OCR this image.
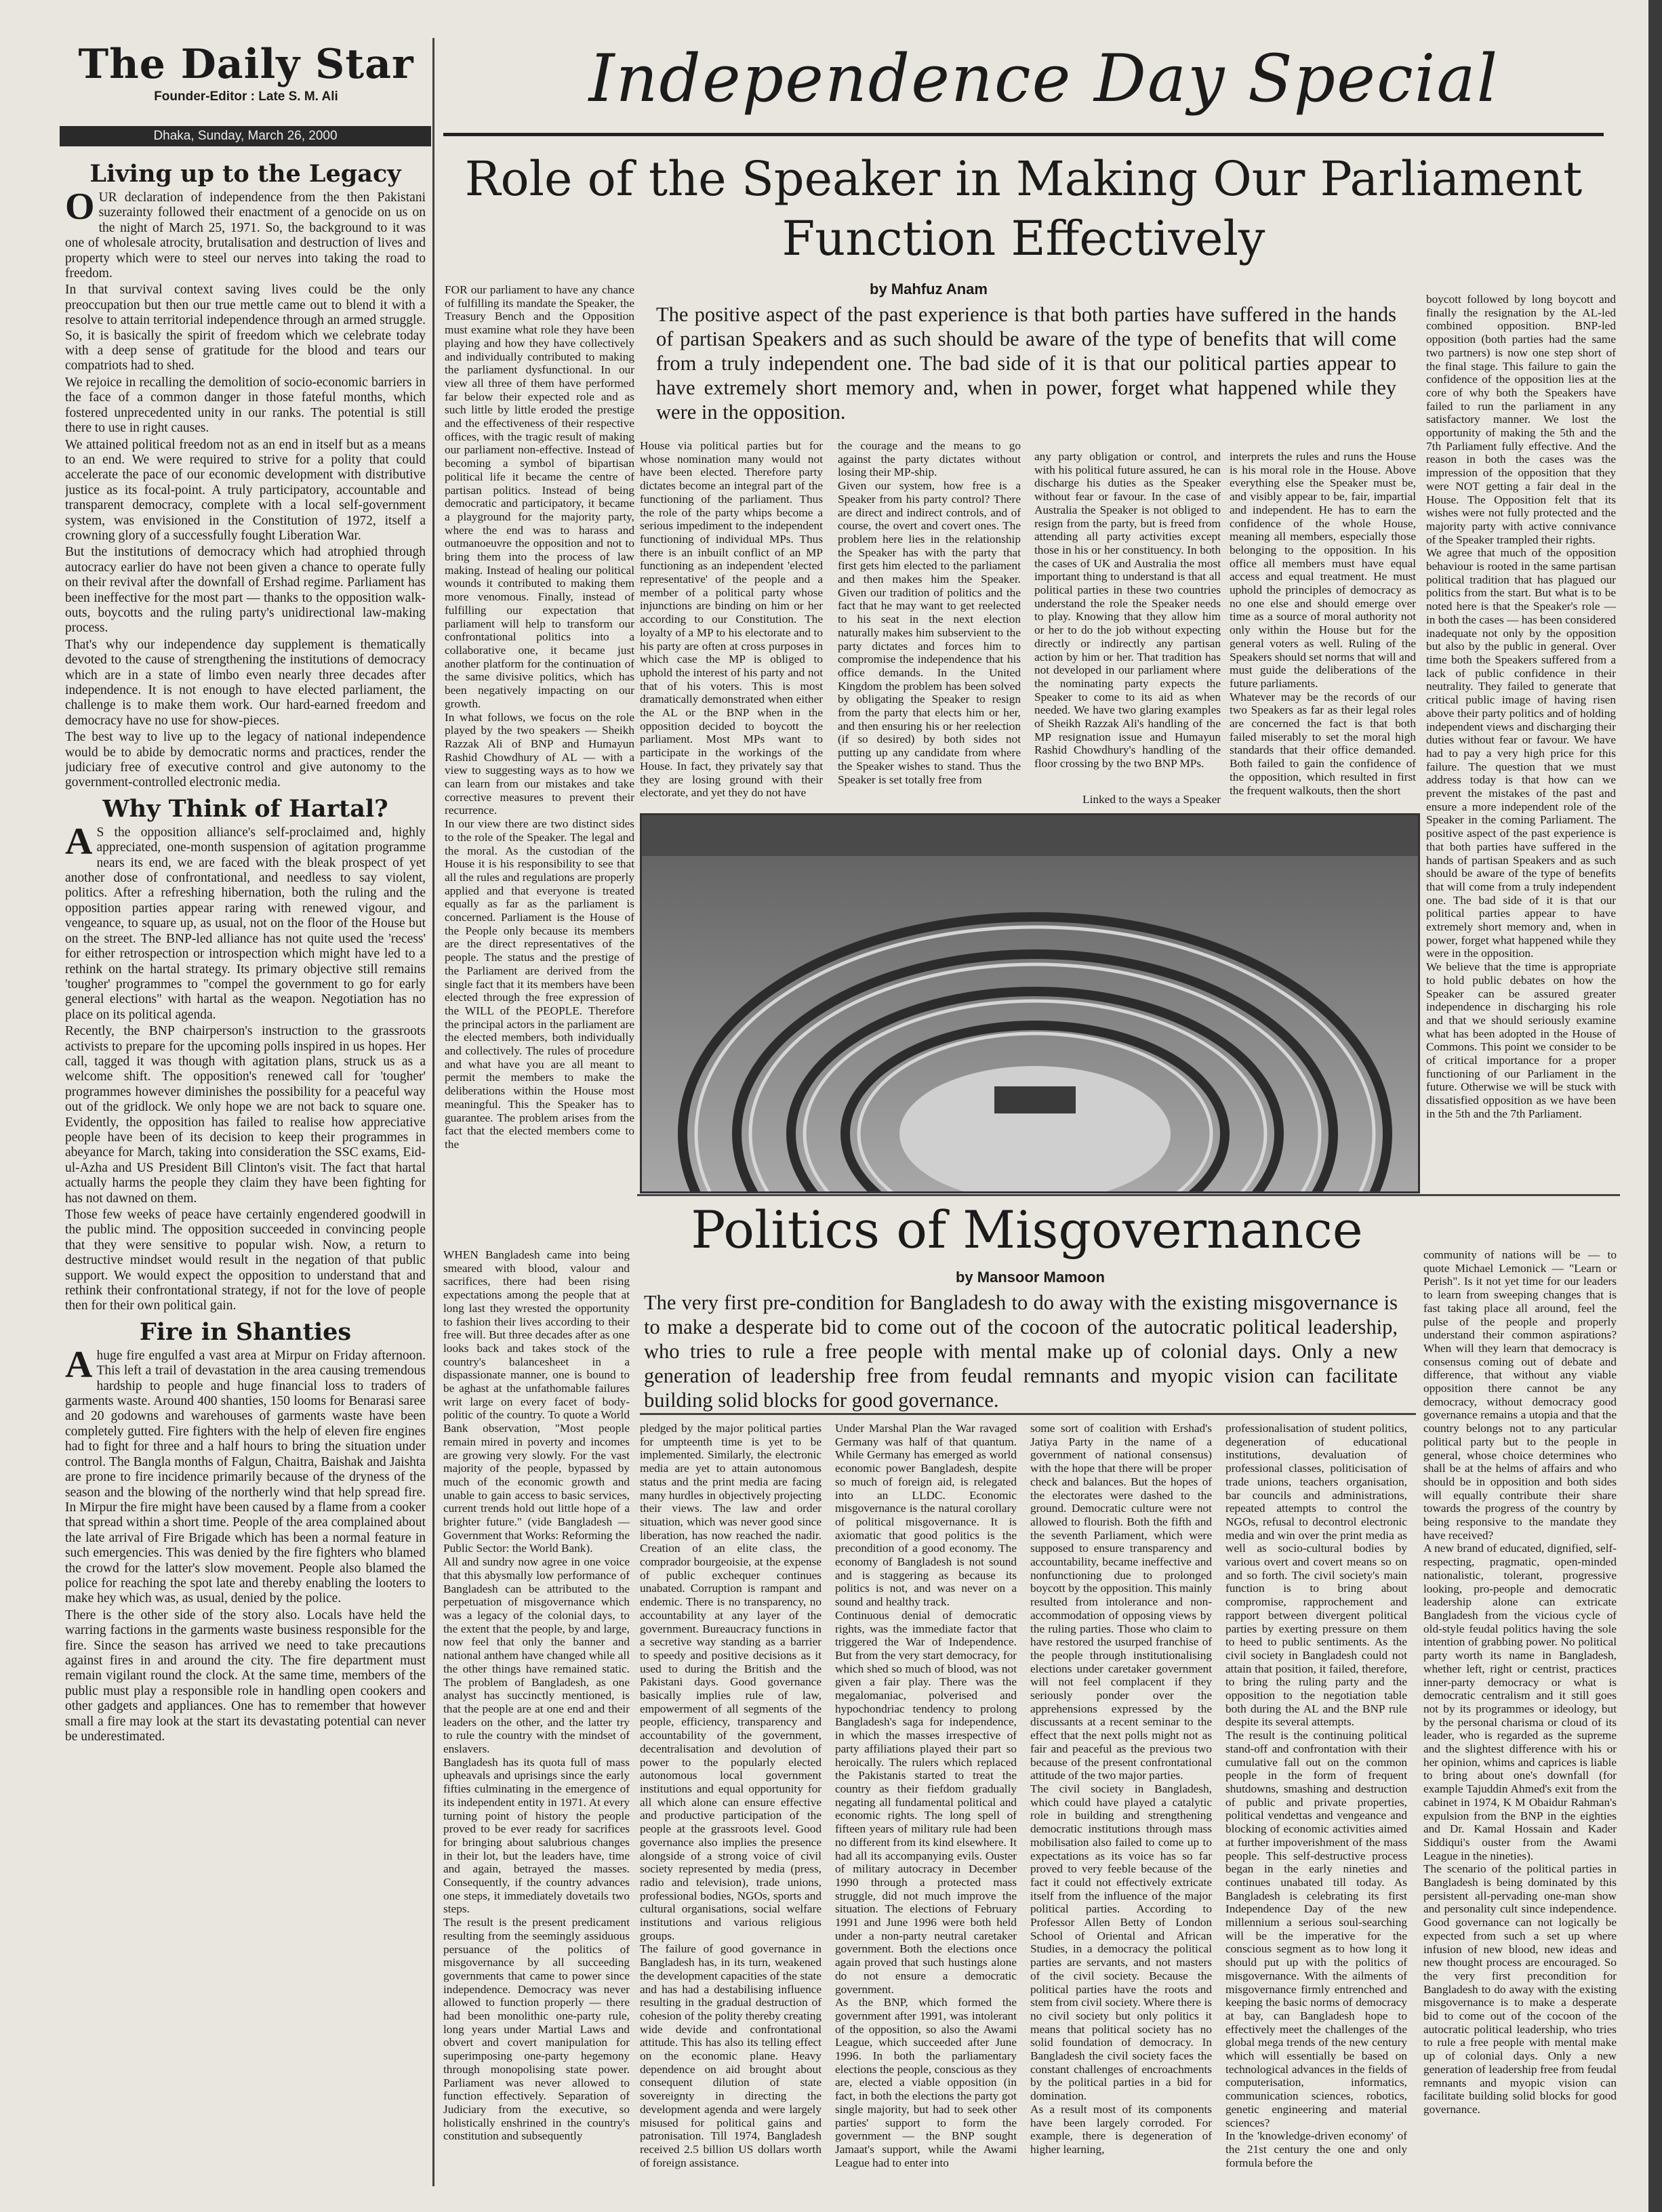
The Daily Star
Founder-Editor : Late S. M. Ali
Dhaka, Sunday, March 26, 2000
Living up to the Legacy

OUR declaration of independence from the then Pakistani suzerainty followed their enactment of a genocide on us on the night of March 25, 1971. So, the background to it was one of wholesale atrocity, brutalisation and destruction of lives and property which were to steel our nerves into taking the road to freedom.

In that survival context saving lives could be the only preoccupation but then our true mettle came out to blend it with a resolve to attain territorial independence through an armed struggle. So, it is basically the spirit of freedom which we celebrate today with a deep sense of gratitude for the blood and tears our compatriots had to shed.

We rejoice in recalling the demolition of socio-economic barriers in the face of a common danger in those fateful months, which fostered unprecedented unity in our ranks. The potential is still there to use in right causes.

We attained political freedom not as an end in itself but as a means to an end. We were required to strive for a polity that could accelerate the pace of our economic development with distributive justice as its focal-point. A truly participatory, accountable and transparent democracy, complete with a local self-government system, was envisioned in the Constitution of 1972, itself a crowning glory of a successfully fought Liberation War.

But the institutions of democracy which had atrophied through autocracy earlier do have not been given a chance to operate fully on their revival after the downfall of Ershad regime. Parliament has been ineffective for the most part — thanks to the opposition walk-outs, boycotts and the ruling party's unidirectional law-making process.

That's why our independence day supplement is thematically devoted to the cause of strengthening the institutions of democracy which are in a state of limbo even nearly three decades after independence. It is not enough to have elected parliament, the challenge is to make them work. Our hard-earned freedom and democracy have no use for show-pieces.

The best way to live up to the legacy of national independence would be to abide by democratic norms and practices, render the judiciary free of executive control and give autonomy to the government-controlled electronic media.

Why Think of Hartal?

AS the opposition alliance's self-proclaimed and, highly appreciated, one-month suspension of agitation programme nears its end, we are faced with the bleak prospect of yet another dose of confrontational, and needless to say violent, politics. After a refreshing hibernation, both the ruling and the opposition parties appear raring with renewed vigour, and vengeance, to square up, as usual, not on the floor of the House but on the street. The BNP-led alliance has not quite used the 'recess' for either retrospection or introspection which might have led to a rethink on the hartal strategy. Its primary objective still remains 'tougher' programmes to "compel the government to go for early general elections" with hartal as the weapon. Negotiation has no place on its political agenda.

Recently, the BNP chairperson's instruction to the grassroots activists to prepare for the upcoming polls inspired in us hopes. Her call, tagged it was though with agitation plans, struck us as a welcome shift. The opposition's renewed call for 'tougher' programmes however diminishes the possibility for a peaceful way out of the gridlock. We only hope we are not back to square one. Evidently, the opposition has failed to realise how appreciative people have been of its decision to keep their programmes in abeyance for March, taking into consideration the SSC exams, Eid-ul-Azha and US President Bill Clinton's visit. The fact that hartal actually harms the people they claim they have been fighting for has not dawned on them.

Those few weeks of peace have certainly engendered goodwill in the public mind. The opposition succeeded in convincing people that they were sensitive to popular wish. Now, a return to destructive mindset would result in the negation of that public support. We would expect the opposition to understand that and rethink their confrontational strategy, if not for the love of people then for their own political gain.

Fire in Shanties

Ahuge fire engulfed a vast area at Mirpur on Friday afternoon. This left a trail of devastation in the area causing tremendous hardship to people and huge financial loss to traders of garments waste. Around 400 shanties, 150 looms for Benarasi saree and 20 godowns and warehouses of garments waste have been completely gutted. Fire fighters with the help of eleven fire engines had to fight for three and a half hours to bring the situation under control. The Bangla months of Falgun, Chaitra, Baishak and Jaishta are prone to fire incidence primarily because of the dryness of the season and the blowing of the northerly wind that help spread fire. In Mirpur the fire might have been caused by a flame from a cooker that spread within a short time. People of the area complained about the late arrival of Fire Brigade which has been a normal feature in such emergencies. This was denied by the fire fighters who blamed the crowd for the latter's slow movement. People also blamed the police for reaching the spot late and thereby enabling the looters to make hey which was, as usual, denied by the police.

There is the other side of the story also. Locals have held the warring factions in the garments waste business responsible for the fire. Since the season has arrived we need to take precautions against fires in and around the city. The fire department must remain vigilant round the clock. At the same time, members of the public must play a responsible role in handling open cookers and other gadgets and appliances. One has to remember that however small a fire may look at the start its devastating potential can never be underestimated.

Independence Day Special
Role of the Speaker in Making Our Parliament Function Effectively
by Mahfuz Anam
The positive aspect of the past experience is that both parties have suffered in the hands of partisan Speakers and as such should be aware of the type of benefits that will come from a truly independent one. The bad side of it is that our political parties appear to have extremely short memory and, when in power, forget what happened while they were in the opposition.
FOR our parliament to have any chance of fulfilling its mandate the Speaker, the Treasury Bench and the Opposition must examine what role they have been playing and how they have collectively and individually contributed to making the parliament dysfunctional. In our view all three of them have performed far below their expected role and as such little by little eroded the prestige and the effectiveness of their respective offices, with the tragic result of making our parliament non-effective. Instead of becoming a symbol of bipartisan political life it became the centre of partisan politics. Instead of being democratic and participatory, it became a playground for the majority party, where the end was to harass and outmanoeuvre the opposition and not to bring them into the process of law making. Instead of healing our political wounds it contributed to making them more venomous. Finally, instead of fulfilling our expectation that parliament will help to transform our confrontational politics into a collaborative one, it became just another platform for the continuation of the same divisive politics, which has been negatively impacting on our growth.
In what follows, we focus on the role played by the two speakers — Sheikh Razzak Ali of BNP and Humayun Rashid Chowdhury of AL — with a view to suggesting ways as to how we can learn from our mistakes and take corrective measures to prevent their recurrence.
In our view there are two distinct sides to the role of the Speaker. The legal and the moral. As the custodian of the House it is his responsibility to see that all the rules and regulations are properly applied and that everyone is treated equally as far as the parliament is concerned. Parliament is the House of the People only because its members are the direct representatives of the people. The status and the prestige of the Parliament are derived from the single fact that it its members have been elected through the free expression of the WILL of the PEOPLE. Therefore the principal actors in the parliament are the elected members, both individually and collectively. The rules of procedure and what have you are all meant to permit the members to make the deliberations within the House most meaningful. This the Speaker has to guarantee. The problem arises from the fact that the elected members come to the
House via political parties but for whose nomination many would not have been elected. Therefore party dictates become an integral part of the functioning of the parliament. Thus the role of the party whips become a serious impediment to the independent functioning of individual MPs. Thus there is an inbuilt conflict of an MP functioning as an independent 'elected representative' of the people and a member of a political party whose injunctions are binding on him or her according to our Constitution. The loyalty of a MP to his electorate and to his party are often at cross purposes in which case the MP is obliged to uphold the interest of his party and not that of his voters. This is most dramatically demonstrated when either the AL or the BNP when in the opposition decided to boycott the parliament. Most MPs want to participate in the workings of the House. In fact, they privately say that they are losing ground with their electorate, and yet they do not have
the courage and the means to go against the party dictates without losing their MP-ship.
Given our system, how free is a Speaker from his party control? There are direct and indirect controls, and of course, the overt and covert ones. The problem here lies in the relationship the Speaker has with the party that first gets him elected to the parliament and then makes him the Speaker. Given our tradition of politics and the fact that he may want to get reelected to his seat in the next election naturally makes him subservient to the party dictates and forces him to compromise the independence that his office demands. In the United Kingdom the problem has been solved by obligating the Speaker to resign from the party that elects him or her, and then ensuring his or her reelection (if so desired) by both sides not putting up any candidate from where the Speaker wishes to stand. Thus the Speaker is set totally free from
any party obligation or control, and with his political future assured, he can discharge his duties as the Speaker without fear or favour. In the case of Australia the Speaker is not obliged to resign from the party, but is freed from attending all party activities except those in his or her constituency. In both the cases of UK and Australia the most important thing to understand is that all political parties in these two countries understand the role the Speaker needs to play. Knowing that they allow him or her to do the job without expecting directly or indirectly any partisan action by him or her. That tradition has not developed in our parliament where the nominating party expects the Speaker to come to its aid as when needed. We have two glaring examples of Sheikh Razzak Ali's handling of the MP resignation issue and Humayun Rashid Chowdhury's handling of the floor crossing by the two BNP MPs.
Linked to the ways a Speaker
interprets the rules and runs the House is his moral role in the House. Above everything else the Speaker must be, and visibly appear to be, fair, impartial and independent. He has to earn the confidence of the whole House, meaning all members, especially those belonging to the opposition. In his office all members must have equal access and equal treatment. He must uphold the principles of democracy as no one else and should emerge over time as a source of moral authority not only within the House but for the general voters as well. Ruling of the Speakers should set norms that will and must guide the deliberations of the future parliaments.
Whatever may be the records of our two Speakers as far as their legal roles are concerned the fact is that both failed miserably to set the moral high standards that their office demanded. Both failed to gain the confidence of the opposition, which resulted in first the frequent walkouts, then the short
boycott followed by long boycott and finally the resignation by the AL-led combined opposition. BNP-led opposition (both parties had the same two partners) is now one step short of the final stage. This failure to gain the confidence of the opposition lies at the core of why both the Speakers have failed to run the parliament in any satisfactory manner. We lost the opportunity of making the 5th and the 7th Parliament fully effective. And the reason in both the cases was the impression of the opposition that they were NOT getting a fair deal in the House. The Opposition felt that its wishes were not fully protected and the majority party with active connivance of the Speaker trampled their rights.
We agree that much of the opposition behaviour is rooted in the same partisan political tradition that has plagued our politics from the start. But what is to be noted here is that the Speaker's role — in both the cases — has been considered inadequate not only by the opposition but also by the public in general. Over time both the Speakers suffered from a lack of public confidence in their neutrality. They failed to generate that critical public image of having risen above their party politics and of holding independent views and discharging their duties without fear or favour. We have had to pay a very high price for this failure. The question that we must address today is that how can we prevent the mistakes of the past and ensure a more independent role of the Speaker in the coming Parliament. The positive aspect of the past experience is that both parties have suffered in the hands of partisan Speakers and as such should be aware of the type of benefits that will come from a truly independent one. The bad side of it is that our political parties appear to have extremely short memory and, when in power, forget what happened while they were in the opposition.
We believe that the time is appropriate to hold public debates on how the Speaker can be assured greater independence in discharging his role and that we should seriously examine what has been adopted in the House of Commons. This point we consider to be of critical importance for a proper functioning of our Parliament in the future. Otherwise we will be stuck with dissatisfied opposition as we have been in the 5th and the 7th Parliament.
Politics of Misgovernance
by Mansoor Mamoon
The very first pre-condition for Bangladesh to do away with the existing misgovernance is to make a desperate bid to come out of the cocoon of the autocratic political leadership, who tries to rule a free people with mental make up of colonial days. Only a new generation of leadership free from feudal remnants and myopic vision can facilitate building solid blocks for good governance.
WHEN Bangladesh came into being smeared with blood, valour and sacrifices, there had been rising expectations among the people that at long last they wrested the opportunity to fashion their lives according to their free will. But three decades after as one looks back and takes stock of the country's balancesheet in a dispassionate manner, one is bound to be aghast at the unfathomable failures writ large on every facet of body-politic of the country. To quote a World Bank observation, "Most people remain mired in poverty and incomes are growing very slowly. For the vast majority of the people, bypassed by much of the economic growth and unable to gain access to basic services, current trends hold out little hope of a brighter future." (vide Bangladesh — Government that Works: Reforming the Public Sector: the World Bank).
All and sundry now agree in one voice that this abysmally low performance of Bangladesh can be attributed to the perpetuation of misgovernance which was a legacy of the colonial days, to the extent that the people, by and large, now feel that only the banner and national anthem have changed while all the other things have remained static. The problem of Bangladesh, as one analyst has succinctly mentioned, is that the people are at one end and their leaders on the other, and the latter try to rule the country with the mindset of enslavers.
Bangladesh has its quota full of mass upheavals and uprisings since the early fifties culminating in the emergence of its independent entity in 1971. At every turning point of history the people proved to be ever ready for sacrifices for bringing about salubrious changes in their lot, but the leaders have, time and again, betrayed the masses. Consequently, if the country advances one steps, it immediately dovetails two steps.
The result is the present predicament resulting from the seemingly assiduous persuance of the politics of misgovernance by all succeeding governments that came to power since independence. Democracy was never allowed to function properly — there had been monolithic one-party rule, long years under Martial Laws and obvert and covert manipulation for superimposing one-party hegemony through monopolising state power. Parliament was never allowed to function effectively. Separation of Judiciary from the executive, so holistically enshrined in the country's constitution and subsequently
pledged by the major political parties for umpteenth time is yet to be implemented. Similarly, the electronic media are yet to attain autonomous status and the print media are facing many hurdles in objectively projecting their views. The law and order situation, which was never good since liberation, has now reached the nadir. Creation of an elite class, the comprador bourgeoisie, at the expense of public exchequer continues unabated. Corruption is rampant and endemic. There is no transparency, no accountability at any layer of the government. Bureaucracy functions in a secretive way standing as a barrier to speedy and positive decisions as it used to during the British and the Pakistani days. Good governance basically implies rule of law, empowerment of all segments of the people, efficiency, transparency and accountability of the government, decentralisation and devolution of power to the popularly elected autonomous local government institutions and equal opportunity for all which alone can ensure effective and productive participation of the people at the grassroots level. Good governance also implies the presence alongside of a strong voice of civil society represented by media (press, radio and television), trade unions, professional bodies, NGOs, sports and cultural organisations, social welfare institutions and various religious groups.
The failure of good governance in Bangladesh has, in its turn, weakened the development capacities of the state and has had a destabilising influence resulting in the gradual destruction of cohesion of the polity thereby creating wide devide and confrontational attitude. This has also its telling effect on the economic plane. Heavy dependence on aid brought about consequent dilution of state sovereignty in directing the development agenda and were largely misused for political gains and patronisation. Till 1974, Bangladesh received 2.5 billion US dollars worth of foreign assistance.
Under Marshal Plan the War ravaged Germany was half of that quantum. While Germany has emerged as world economic power Bangladesh, despite so much of foreign aid, is relegated into an LLDC. Economic misgovernance is the natural corollary of political misgovernance. It is axiomatic that good politics is the precondition of a good economy. The economy of Bangladesh is not sound and is staggering as because its politics is not, and was never on a sound and healthy track.
Continuous denial of democratic rights, was the immediate factor that triggered the War of Independence. But from the very start democracy, for which shed so much of blood, was not given a fair play. There was the megalomaniac, polverised and hypochondriac tendency to prolong Bangladesh's saga for independence, in which the masses irrespective of party affiliations played their part so heroically. The rulers which replaced the Pakistanis started to treat the country as their fiefdom gradually negating all fundamental political and economic rights. The long spell of fifteen years of military rule had been no different from its kind elsewhere. It had all its accompanying evils. Ouster of military autocracy in December 1990 through a protected mass struggle, did not much improve the situation. The elections of February 1991 and June 1996 were both held under a non-party neutral caretaker government. Both the elections once again proved that such hustings alone do not ensure a democratic government.
As the BNP, which formed the government after 1991, was intolerant of the opposition, so also the Awami League, which succeeded after June 1996. In both the parliamentary elections the people, conscious as they are, elected a viable opposition (in fact, in both the elections the party got single majority, but had to seek other parties' support to form the government — the BNP sought Jamaat's support, while the Awami League had to enter into
some sort of coalition with Ershad's Jatiya Party in the name of a government of national consensus) with the hope that there will be proper check and balances. But the hopes of the electorates were dashed to the ground. Democratic culture were not allowed to flourish. Both the fifth and the seventh Parliament, which were supposed to ensure transparency and accountability, became ineffective and nonfunctioning due to prolonged boycott by the opposition. This mainly resulted from intolerance and non-accommodation of opposing views by the ruling parties. Those who claim to have restored the usurped franchise of the people through institutionalising elections under caretaker government will not feel complacent if they seriously ponder over the apprehensions expressed by the discussants at a recent seminar to the effect that the next polls might not as fair and peaceful as the previous two because of the present confrontational attitude of the two major parties.
The civil society in Bangladesh, which could have played a catalytic role in building and strengthening democratic institutions through mass mobilisation also failed to come up to expectations as its voice has so far proved to very feeble because of the fact it could not effectively extricate itself from the influence of the major political parties. According to Professor Allen Betty of London School of Oriental and African Studies, in a democracy the political parties are servants, and not masters of the civil society. Because the political parties have the roots and stem from civil society. Where there is no civil society but only politics it means that political society has no solid foundation of democracy. In Bangladesh the civil society faces the constant challenges of encroachments by the political parties in a bid for domination.
As a result most of its components have been largely corroded. For example, there is degeneration of higher learning,
professionalisation of student politics, degeneration of educational institutions, devaluation of professional classes, politicisation of trade unions, teachers organisation, bar councils and administrations, repeated attempts to control the NGOs, refusal to decontrol electronic media and win over the print media as well as socio-cultural bodies by various overt and covert means so on and so forth. The civil society's main function is to bring about compromise, rapprochement and rapport between divergent political parties by exerting pressure on them to heed to public sentiments. As the civil society in Bangladesh could not attain that position, it failed, therefore, to bring the ruling party and the opposition to the negotiation table both during the AL and the BNP rule despite its several attempts.
The result is the continuing political stand-off and confrontation with their cumulative fall out on the common people in the form of frequent shutdowns, smashing and destruction of public and private properties, political vendettas and vengeance and blocking of economic activities aimed at further impoverishment of the mass people. This self-destructive process began in the early nineties and continues unabated till today. As Bangladesh is celebrating its first Independence Day of the new millennium a serious soul-searching will be the imperative for the conscious segment as to how long it should put up with the politics of misgovernance. With the ailments of misgovernance firmly entrenched and keeping the basic norms of democracy at bay, can Bangladesh hope to effectively meet the challenges of the global mega trends of the new century which will essentially be based on technological advances in the fields of computerisation, informatics, communication sciences, robotics, genetic engineering and material sciences?
In the 'knowledge-driven economy' of the 21st century the one and only formula before the
community of nations will be — to quote Michael Lemonick — "Learn or Perish". Is it not yet time for our leaders to learn from sweeping changes that is fast taking place all around, feel the pulse of the people and properly understand their common aspirations? When will they learn that democracy is consensus coming out of debate and difference, that without any viable opposition there cannot be any democracy, without democracy good governance remains a utopia and that the country belongs not to any particular political party but to the people in general, whose choice determines who shall be at the helms of affairs and who should be in opposition and both sides will equally contribute their share towards the progress of the country by being responsive to the mandate they have received?
A new brand of educated, dignified, self-respecting, pragmatic, open-minded nationalistic, tolerant, progressive looking, pro-people and democratic leadership alone can extricate Bangladesh from the vicious cycle of old-style feudal politics having the sole intention of grabbing power. No political party worth its name in Bangladesh, whether left, right or centrist, practices inner-party democracy or what is democratic centralism and it still goes not by its programmes or ideology, but by the personal charisma or cloud of its leader, who is regarded as the supreme and the slightest difference with his or her opinion, whims and caprices is liable to bring about one's downfall (for example Tajuddin Ahmed's exit from the cabinet in 1974, K M Obaidur Rahman's expulsion from the BNP in the eighties and Dr. Kamal Hossain and Kader Siddiqui's ouster from the Awami League in the nineties).
The scenario of the political parties in Bangladesh is being dominated by this persistent all-pervading one-man show and personality cult since independence. Good governance can not logically be expected from such a set up where infusion of new blood, new ideas and new thought process are encouraged. So the very first precondition for Bangladesh to do away with the existing misgovernance is to make a desperate bid to come out of the cocoon of the autocratic political leadership, who tries to rule a free people with mental make up of colonial days. Only a new generation of leadership free from feudal remnants and myopic vision can facilitate building solid blocks for good governance.
